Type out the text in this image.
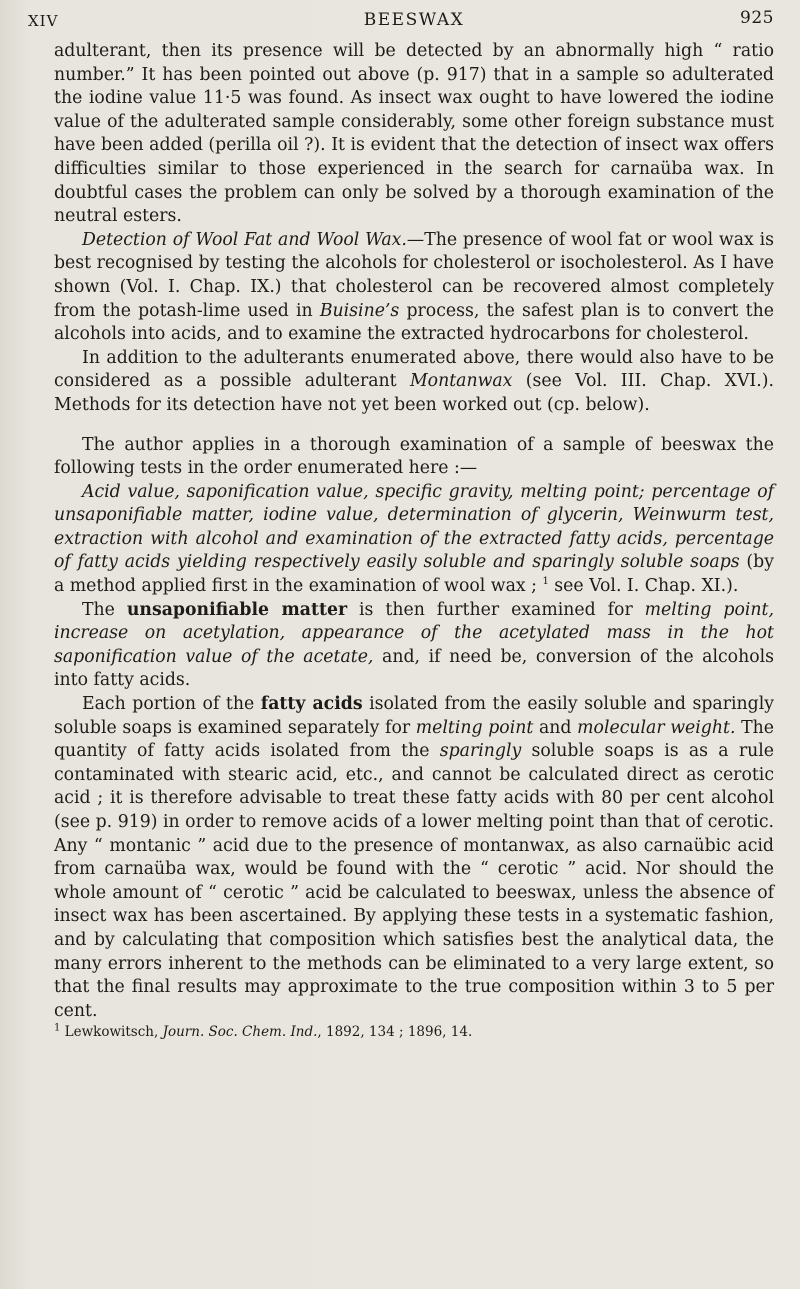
XIV	BEESWAX	925

adulterant, then its presence will be detected by an abnormally high “ ratio number.” It has been pointed out above (p. 917) that in a sample so adulterated the iodine value 11·5 was found. As insect wax ought to have lowered the iodine value of the adulterated sample considerably, some other foreign substance must have been added (perilla oil ?). It is evident that the detection of insect wax offers difficulties similar to those experienced in the search for carnaüba wax. In doubtful cases the problem can only be solved by a thorough examination of the neutral esters.

Detection of Wool Fat and Wool Wax.—The presence of wool fat or wool wax is best recognised by testing the alcohols for cholesterol or isocholesterol. As I have shown (Vol. I. Chap. IX.) that cholesterol can be recovered almost completely from the potash-lime used in Buisine’s process, the safest plan is to convert the alcohols into acids, and to examine the extracted hydrocarbons for cholesterol.

In addition to the adulterants enumerated above, there would also have to be considered as a possible adulterant Montanwax (see Vol. III. Chap. XVI.). Methods for its detection have not yet been worked out (cp. below).

The author applies in a thorough examination of a sample of beeswax the following tests in the order enumerated here :—

Acid value, saponification value, specific gravity, melting point; percentage of unsaponifiable matter, iodine value, determination of glycerin, Weinwurm test, extraction with alcohol and examination of the extracted fatty acids, percentage of fatty acids yielding respectively easily soluble and sparingly soluble soaps (by a method applied first in the examination of wool wax ; $^1$ see Vol. I. Chap. XI.).

The unsaponifiable matter is then further examined for melting point, increase on acetylation, appearance of the acetylated mass in the hot saponification value of the acetate, and, if need be, conversion of the alcohols into fatty acids.

Each portion of the fatty acids isolated from the easily soluble and sparingly soluble soaps is examined separately for melting point and molecular weight. The quantity of fatty acids isolated from the sparingly soluble soaps is as a rule contaminated with stearic acid, etc., and cannot be calculated direct as cerotic acid ; it is therefore advisable to treat these fatty acids with 80 per cent alcohol (see p. 919) in order to remove acids of a lower melting point than that of cerotic. Any “ montanic ” acid due to the presence of montanwax, as also carnaübic acid from carnaüba wax, would be found with the “ cerotic ” acid. Nor should the whole amount of “ cerotic ” acid be calculated to beeswax, unless the absence of insect wax has been ascertained. By applying these tests in a systematic fashion, and by calculating that composition which satisfies best the analytical data, the many errors inherent to the methods can be eliminated to a very large extent, so that the final results may approximate to the true composition within 3 to 5 per cent.

$^1$ Lewkowitsch, Journ. Soc. Chem. Ind., 1892, 134 ; 1896, 14.
